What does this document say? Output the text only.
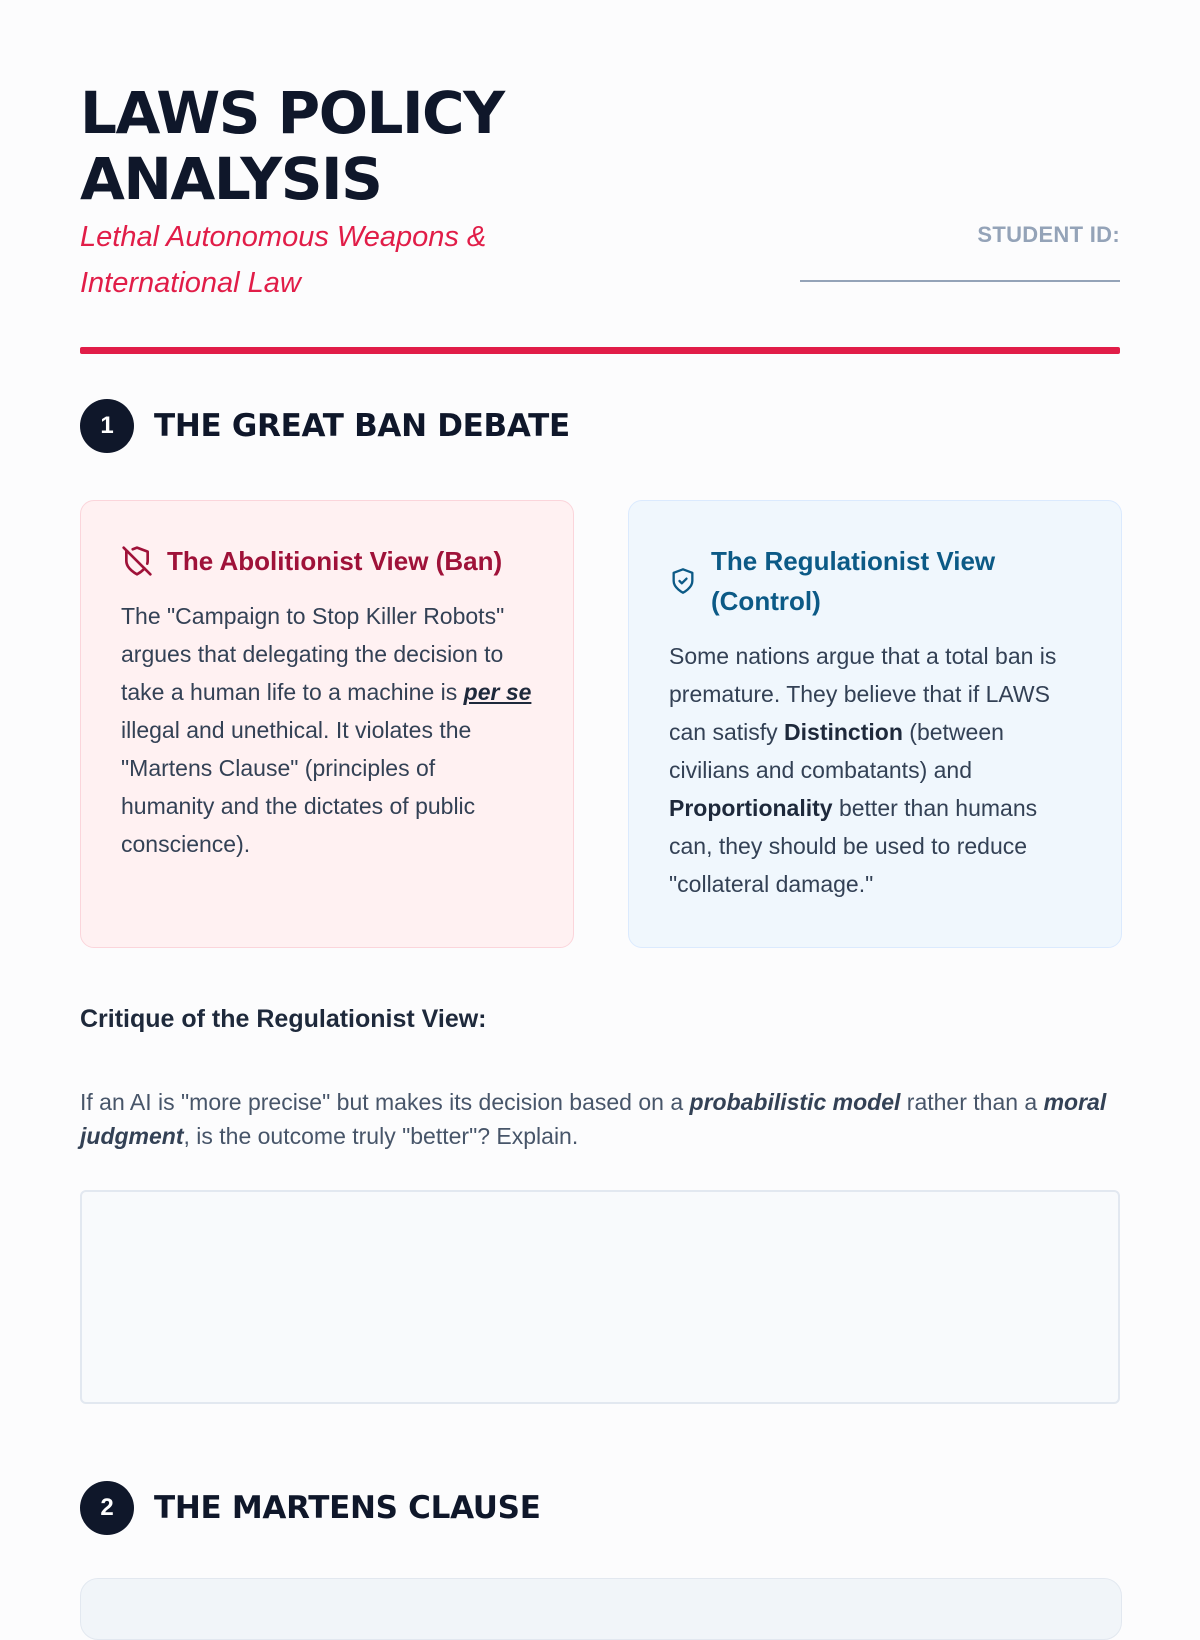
LAWS POLICY ANALYSIS
Lethal Autonomous Weapons & International Law
STUDENT ID:
1	THE GREAT BAN DEBATE
The Abolitionist View (Ban)

The "Campaign to Stop Killer Robots" argues that delegating the decision to take a human life to a machine is per se illegal and unethical. It violates the "Martens Clause" (principles of humanity and the dictates of public conscience).

The Regulationist View (Control)

Some nations argue that a total ban is premature. They believe that if LAWS can satisfy Distinction (between civilians and combatants) and Proportionality better than humans can, they should be used to reduce "collateral damage."

Critique of the Regulationist View:
If an AI is "more precise" but makes its decision based on a probabilistic model rather than a moral judgment, is the outcome truly "better"? Explain.
2	THE MARTENS CLAUSE
